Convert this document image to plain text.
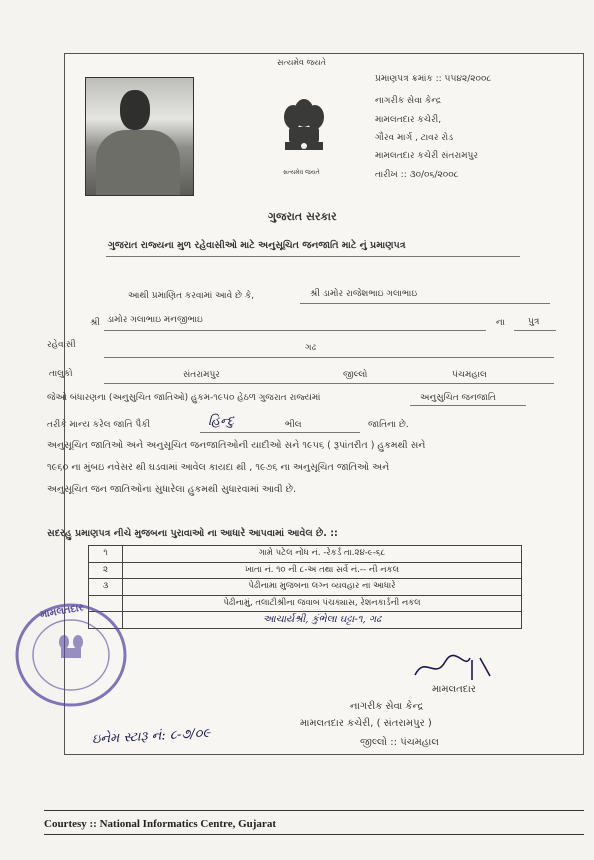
સત્યમેવ જયતે
સત્યમેવ જયતે
પ્રમાણપત્ર ક્રમાંક :: ૫૫૪૨/૨૦૦૮
નાગરીક સેવા કેન્દ્ર
મામલતદાર કચેરી,
ગૌરવ માર્ગ , ટાવર રોડ
મામલતદાર કચેરી સંતરામપુર
તારીખ :: ૩૦/૦૬/૨૦૦૮
ગુજરાત સરકાર
ગુજરાત રાજ્યના મુળ રહેવાસીઓ માટે અનુસૂચિત જનજાતિ માટે નું પ્રમાણપત્ર
આથી પ્રમાણિત કરવામાં આવે છે કે,	શ્રી ડામોર રાજેશભાઇ ગલાભાઇ
શ્રી ડામોર ગલાભાઇ મનજીભાઇ	ના	પુત્ર
રહેવાસી	ગઢ
તાલુકો	સંતરામપુર	જીલ્લો	પંચમહાલ
જેઓ બંધારણના (અનુસુચિત જાતિઓ) હુકમ-૧૯૫૦ હેઠળ ગુજરાત રાજ્યમાં	અનુસુચિત જનજાતિ
તરીકે માન્ય કરેલ જાતિ પૈકી	હિન્દુ	ભીલ	જાતિના છે.
અનુસૂચિત જાતિઓ અને અનુસૂચિત જનજાતિઓની યાદીઓ સને ૧૯૫૬ ( રૂપાંતરીત ) હુકમથી સને
૧૯૬૦ ના મુંબઇ નવેસર થી ઘડવામાં આવેલ કાયદા થી , ૧૯૭૬ ના અનુસૂચિત જાતિઓ અને
અનુસૂચિત જન જાતિઓના સુધારેલા હુકમથી સુધારવામાં આવી છે.
સદરહુ પ્રમાણપત્ર નીચે મુજબના પુરાવાઓ ના આધારે આપવામાં આવેલ છે. ::
૧	ગામે પટેલ નોંધ નં. -રેકર્ડ તા.૨૪-૯-૬૮
૨	ખાતા નં. ૧૦ ની ૮-અ તથા સર્વે નં.-- ની નકલ
૩	પેઢીનામા મુજબના લગ્ન વ્યવહાર ના આધારે
પેઢીનામું, તલાટીશ્રીના જવાબ પંચક્યાસ, રેશનકાર્ડની નકલ
આચાર્યશ્રી, કુંભેલા ઘટ્ટા-૧, ગઢ
મામલતદાર
મામલતદાર
નાગરીક સેવા કેન્દ્ર
મામલતદાર કચેરી, ( સંતરામપુર )
જીલ્લો :: પંચમહાલ
ઇનેમ સ્ટારૂ નં: ૮-૭/૦૯
Courtesy :: National Informatics Centre, Gujarat
